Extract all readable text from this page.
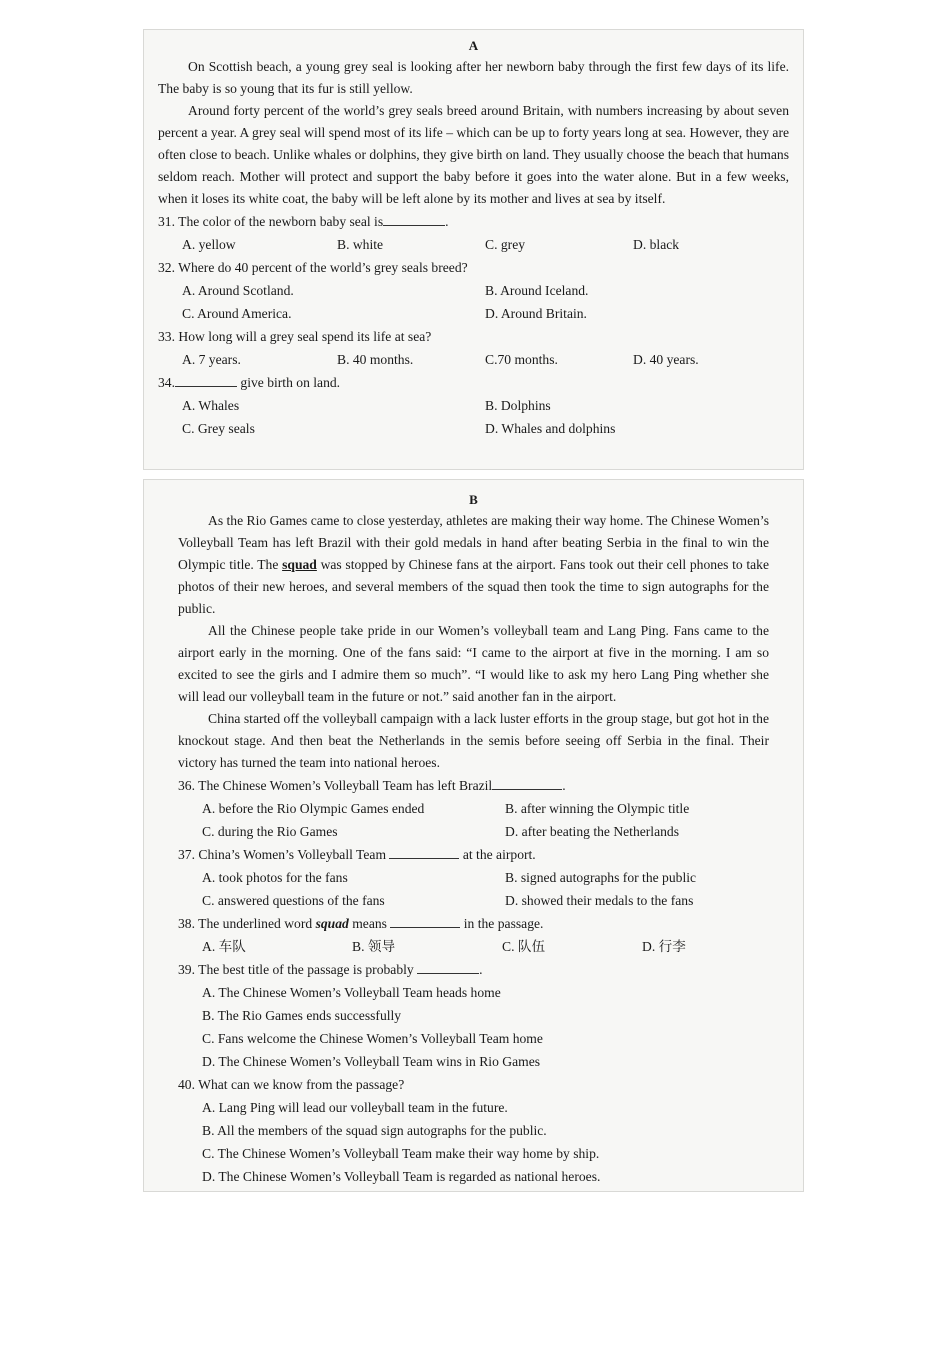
A

On Scottish beach, a young grey seal is looking after her newborn baby through the first few days of its life. The baby is so young that its fur is still yellow.

Around forty percent of the world’s grey seals breed around Britain, with numbers increasing by about seven percent a year. A grey seal will spend most of its life – which can be up to forty years long at sea. However, they are often close to beach. Unlike whales or dolphins, they give birth on land. They usually choose the beach that humans seldom reach. Mother will protect and support the baby before it goes into the water alone. But in a few weeks, when it loses its white coat, the baby will be left alone by its mother and lives at sea by itself.

31. The color of the newborn baby seal is	.

A. yellow	B. white	C. grey	D. black

32. Where do 40 percent of the world’s grey seals breed?

A. Around Scotland.	B. Around Iceland.
C. Around America.	D. Around Britain.

33. How long will a grey seal spend its life at sea?

A. 7 years.	B. 40 months.	C.70 months.	D. 40 years.

34.	give birth on land.

A. Whales	B. Dolphins
C. Grey seals	D. Whales and dolphins
B

As the Rio Games came to close yesterday, athletes are making their way home. The Chinese Women’s Volleyball Team has left Brazil with their gold medals in hand after beating Serbia in the final to win the Olympic title. The squad was stopped by Chinese fans at the airport. Fans took out their cell phones to take photos of their new heroes, and several members of the squad then took the time to sign autographs for the public.

All the Chinese people take pride in our Women’s volleyball team and Lang Ping. Fans came to the airport early in the morning. One of the fans said: “I came to the airport at five in the morning. I am so excited to see the girls and I admire them so much”. “I would like to ask my hero Lang Ping whether she will lead our volleyball team in the future or not.” said another fan in the airport.

China started off the volleyball campaign with a lack luster efforts in the group stage, but got hot in the knockout stage. And then beat the Netherlands in the semis before seeing off Serbia in the final. Their victory has turned the team into national heroes.

36. The Chinese Women’s Volleyball Team has left Brazil	.

A. before the Rio Olympic Games ended	B. after winning the Olympic title
C. during the Rio Games	D. after beating the Netherlands

37. China’s Women’s Volleyball Team	at the airport.

A. took photos for the fans	B. signed autographs for the public
C. answered questions of the fans	D. showed their medals to the fans

38. The underlined word squad means	in the passage.

A. 车队	B. 领导	C. 队伍	D. 行李

39. The best title of the passage is probably	.

A. The Chinese Women’s Volleyball Team heads home
B. The Rio Games ends successfully
C. Fans welcome the Chinese Women’s Volleyball Team home
D. The Chinese Women’s Volleyball Team wins in Rio Games

40. What can we know from the passage?

A. Lang Ping will lead our volleyball team in the future.
B. All the members of the squad sign autographs for the public.
C. The Chinese Women’s Volleyball Team make their way home by ship.
D. The Chinese Women’s Volleyball Team is regarded as national heroes.
